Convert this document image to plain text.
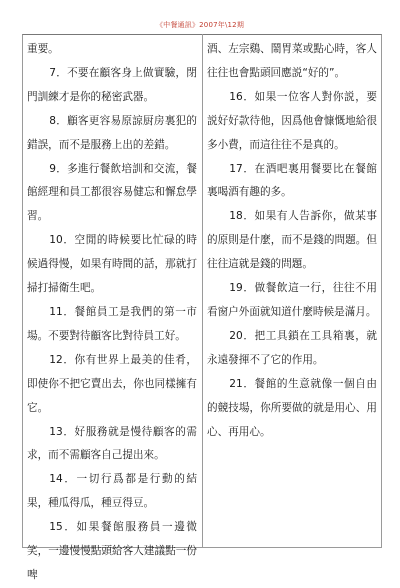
《中餐通訊》2007年\12期

重要。

7．不要在顧客身上做實驗，閉門訓練才是你的秘密武器。

8．顧客更容易原諒厨房裏犯的錯誤，而不是服務上出的差錯。

9．多進行餐飲培訓和交流，餐館經理和員工都很容易健忘和懈怠學習。

10．空閒的時候要比忙碌的時候過得慢，如果有時間的話，那就打掃打掃衛生吧。

11．餐館員工是我們的第一市場。不要對待顧客比對待員工好。

12．你有世界上最美的佳肴，即使你不把它賣出去，你也同樣擁有它。

13．好服務就是慢待顧客的需求，而不需顧客自己提出來。

14．一切行爲都是行動的結果，種瓜得瓜，種豆得豆。

15．如果餐館服務員一邊微笑，一邊慢慢點頭給客人建議點一份啤

酒、左宗鷄、鬧胃菜或點心時，客人往往也會點頭回應説“好的”。

16．如果一位客人對你説，要説好好款待他，因爲他會慷慨地給很多小費，而這往往不是真的。

17．在酒吧裏用餐要比在餐館裏喝酒有趣的多。

18．如果有人告訴你，做某事的原則是什麼，而不是錢的問題。但往往這就是錢的問題。

19．做餐飲這一行，往往不用看窗户外面就知道什麼時候是滿月。

20．把工具鎖在工具箱裏，就永遠發揮不了它的作用。

21．餐館的生意就像一個自由的競技場，你所要做的就是用心、用心、再用心。
